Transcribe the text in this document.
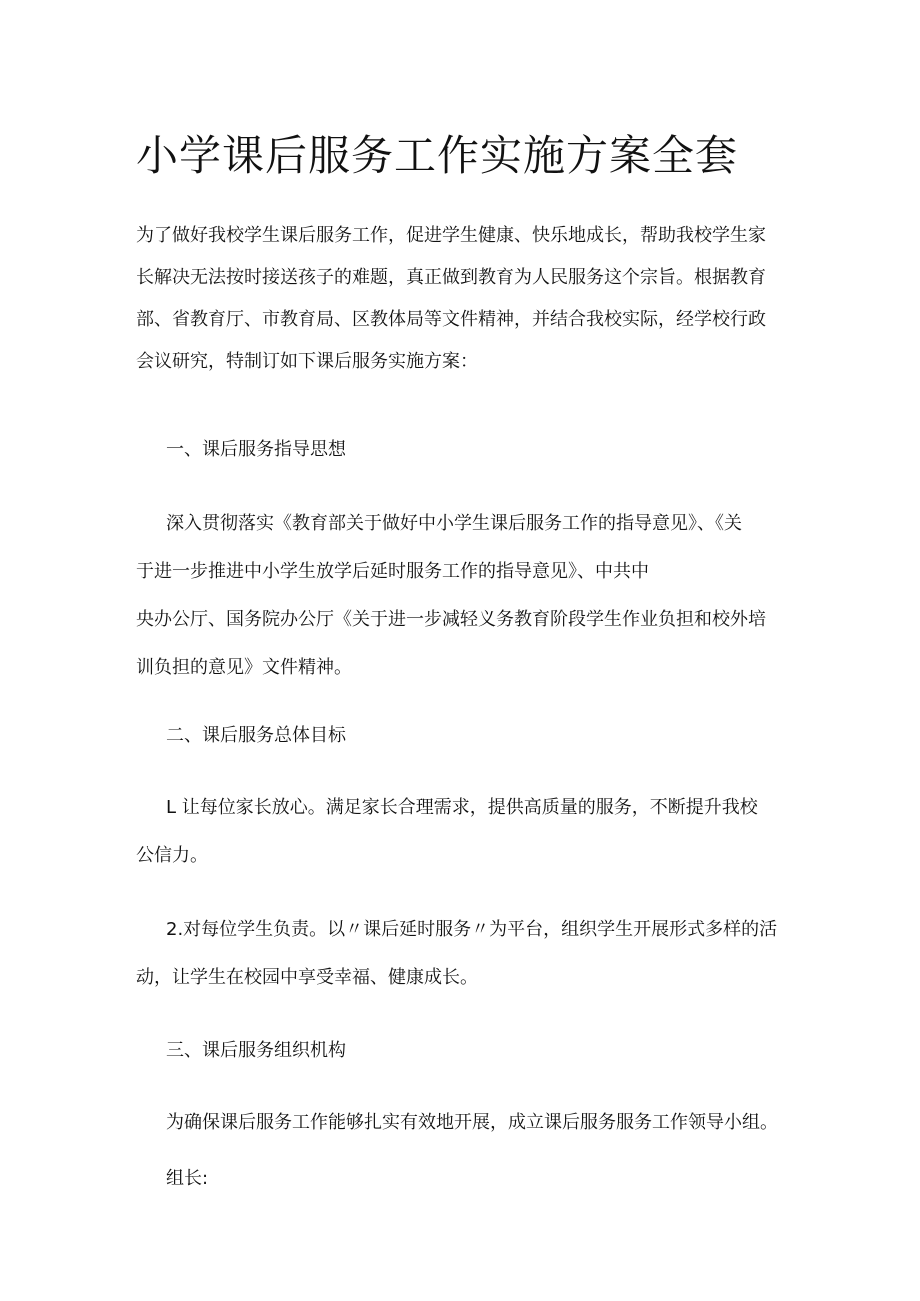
小学课后服务工作实施方案全套

为了做好我校学生课后服务工作，促进学生健康、快乐地成长，帮助我校学生家
长解决无法按时接送孩子的难题，真正做到教育为人民服务这个宗旨。根据教育
部、省教育厅、市教育局、区教体局等文件精神，并结合我校实际，经学校行政
会议研究，特制订如下课后服务实施方案：

一、课后服务指导思想

深入贯彻落实《教育部关于做好中小学生课后服务工作的指导意见》、《关
于进一步推进中小学生放学后延时服务工作的指导意见》、中共中
央办公厅、国务院办公厅《关于进一步减轻义务教育阶段学生作业负担和校外培
训负担的意见》文件精神。

二、课后服务总体目标

L 让每位家长放心。满足家长合理需求，提供高质量的服务，不断提升我校
公信力。

2.对每位学生负责。以〃课后延时服务〃为平台，组织学生开展形式多样的活
动，让学生在校园中享受幸福、健康成长。

三、课后服务组织机构

为确保课后服务工作能够扎实有效地开展，成立课后服务服务工作领导小组。

组长:
